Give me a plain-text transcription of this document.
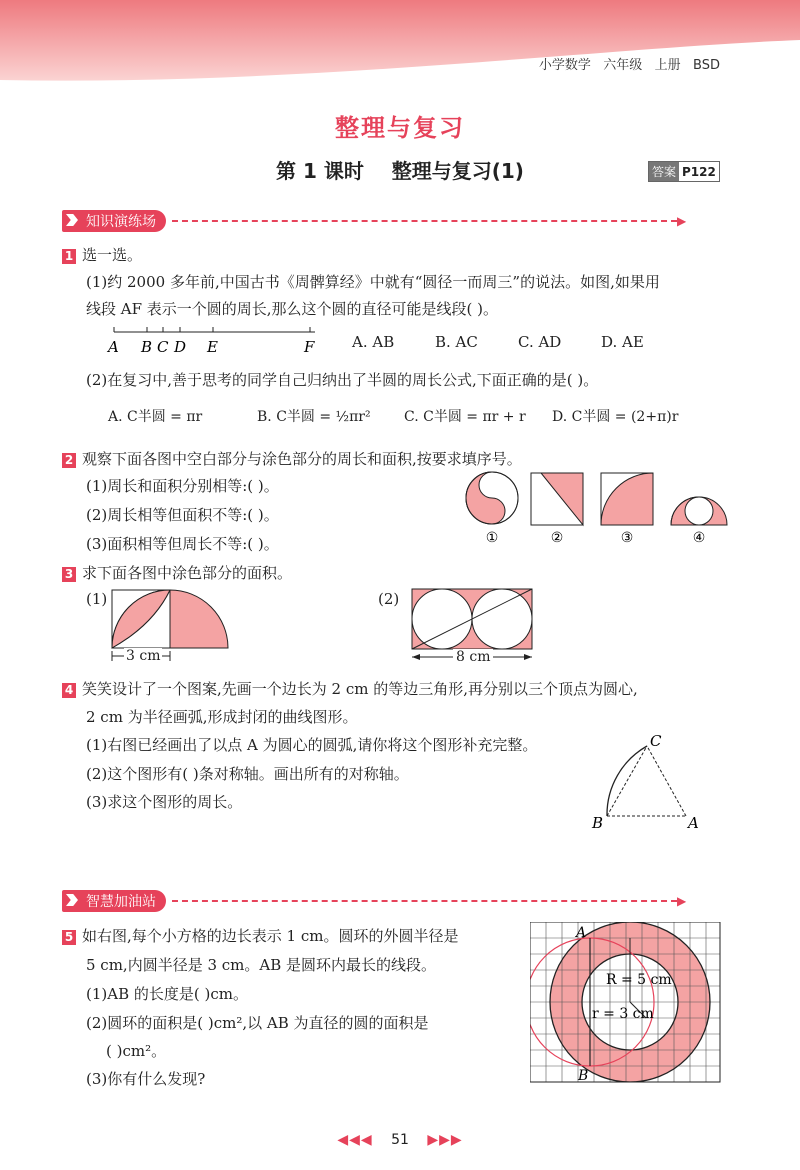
小学数学   六年级   上册   BSD
整理与复习
第 1 课时    整理与复习(1)	答案 P122
知识演练场	▶
1 选一选。
(1)约 2000 多年前,中国古书《周髀算经》中就有“圆径一而周三”的说法。如图,如果用
线段 AF 表示一个圆的周长,那么这个圆的直径可能是线段( )。
A B C D E	F	A. AB	B. AC	C. AD	D. AE
(2)在复习中,善于思考的同学自己归纳出了半圆的周长公式,下面正确的是( )。
A. C半圆 = πr	B. C半圆 = ½πr² C. C半圆 = πr + r D. C半圆 = (2+π)r
2 观察下面各图中空白部分与涂色部分的周长和面积,按要求填序号。
(1)周长和面积分别相等:( )。
(2)周长相等但面积不等:( )。
(3)面积相等但周长不等:( )。	①	②	③	④
3 求下面各图中涂色部分的面积。
(1)
3 cm
(2)
8 cm
4 笑笑设计了一个图案,先画一个边长为 2 cm 的等边三角形,再分别以三个顶点为圆心,
2 cm 为半径画弧,形成封闭的曲线图形。
(1)右图已经画出了以点 A 为圆心的圆弧,请你将这个图形补充完整。
(2)这个图形有( )条对称轴。画出所有的对称轴。
(3)求这个图形的周长。
C
B	A
智慧加油站	▶
5 如右图,每个小方格的边长表示 1 cm。圆环的外圆半径是
5 cm,内圆半径是 3 cm。AB 是圆环内最长的线段。
(1)AB 的长度是( )cm。
(2)圆环的面积是( )cm²,以 AB 为直径的圆的面积是
( )cm²。
(3)你有什么发现?
A
B
R = 5 cm
r = 3 cm
◀◀◀ 51 ▶▶▶
